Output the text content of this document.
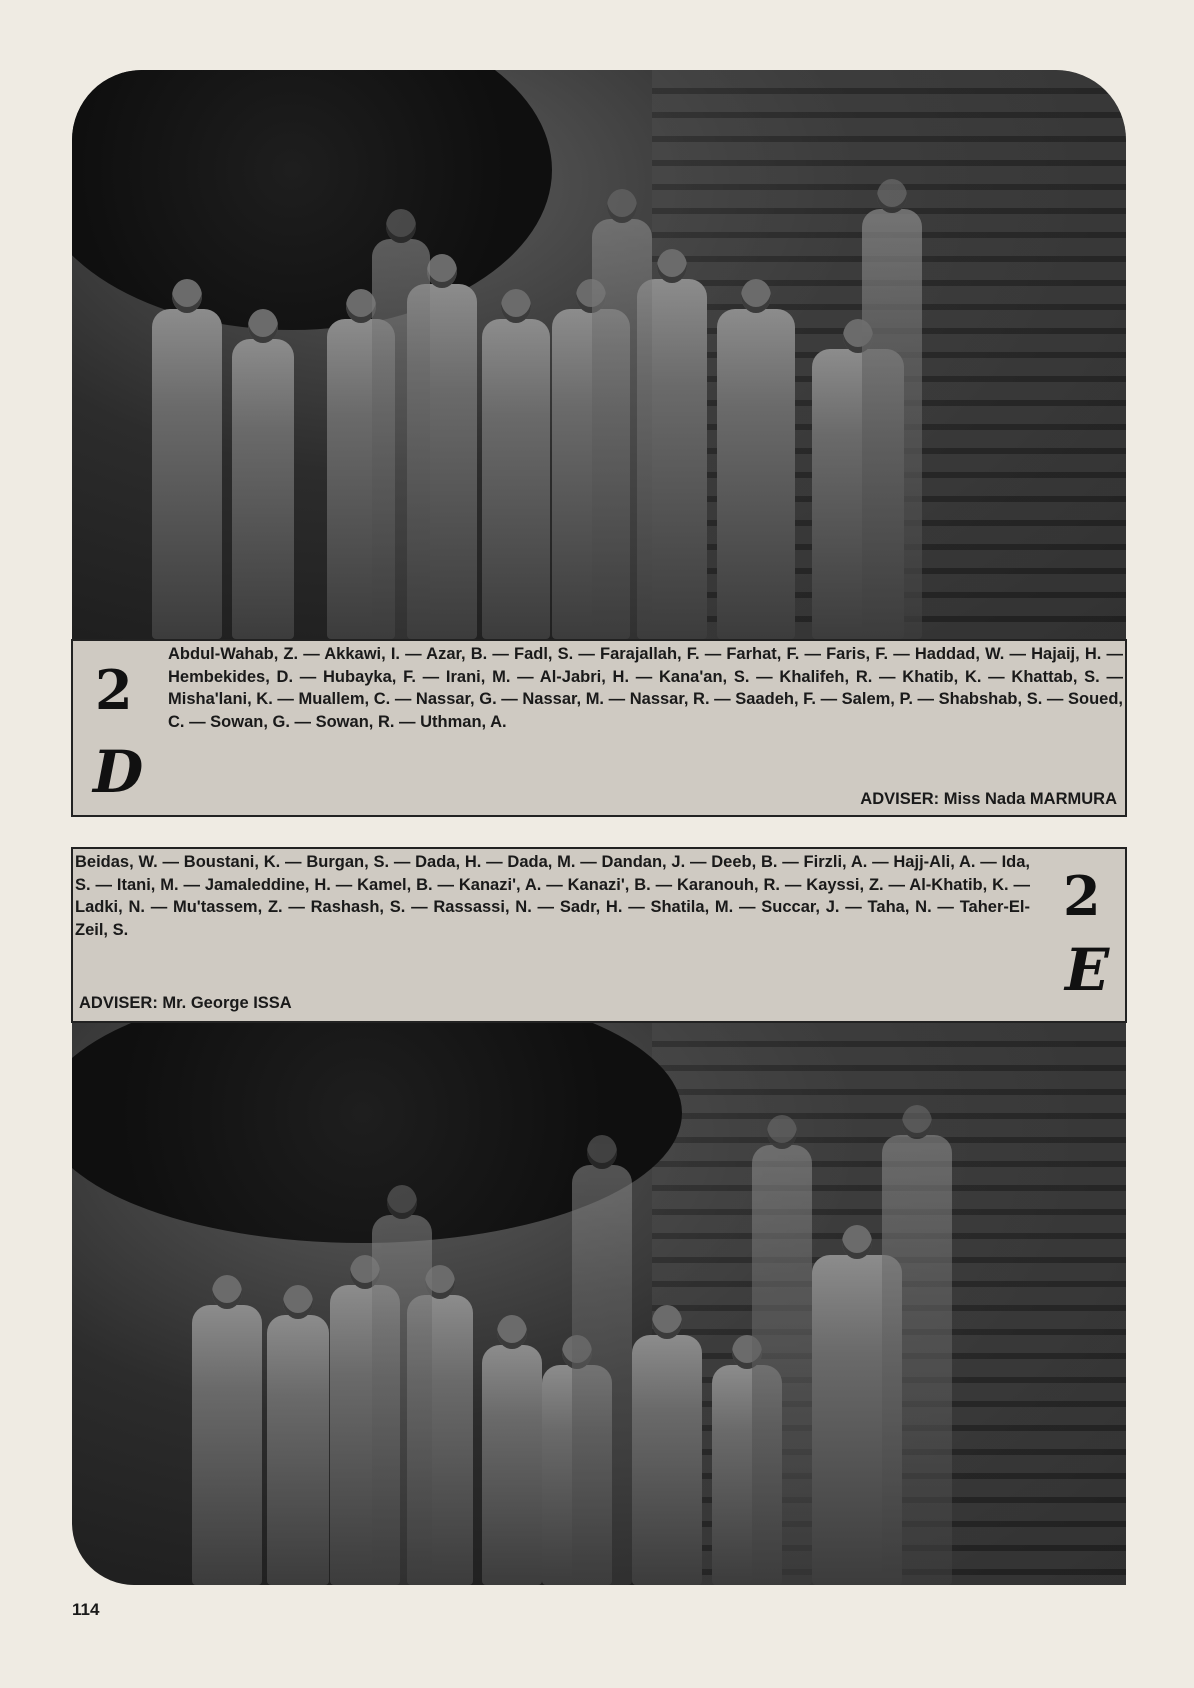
2
D

Abdul-Wahab, Z. — Akkawi, I. — Azar, B. — Fadl, S. — Farajallah, F. — Farhat, F. — Faris, F. — Haddad, W. — Hajaij, H. — Hembekides, D. — Hubayka, F. — Irani, M. — Al-Jabri, H. — Kana'an, S. — Khalifeh, R. — Khatib, K. — Khattab, S. — Misha'lani, K. — Muallem, C. — Nassar, G. — Nassar, M. — Nassar, R. — Saadeh, F. — Salem, P. — Shabshab, S. — Soued, C. — Sowan, G. — Sowan, R. — Uthman, A.

ADVISER: Miss Nada MARMURA

Beidas, W. — Boustani, K. — Burgan, S. — Dada, H. — Dada, M. — Dandan, J. — Deeb, B. — Firzli, A. — Hajj-Ali, A. — Ida, S. — Itani, M. — Jamaleddine, H. — Kamel, B. — Kanazi', A. — Kanazi', B. — Karanouh, R. — Kayssi, Z. — Al-Khatib, K. — Ladki, N. — Mu'tassem, Z. — Rashash, S. — Rassassi, N. — Sadr, H. — Shatila, M. — Succar, J. — Taha, N. — Taher-El-Zeil, S.

ADVISER: Mr. George ISSA

2
E
114
